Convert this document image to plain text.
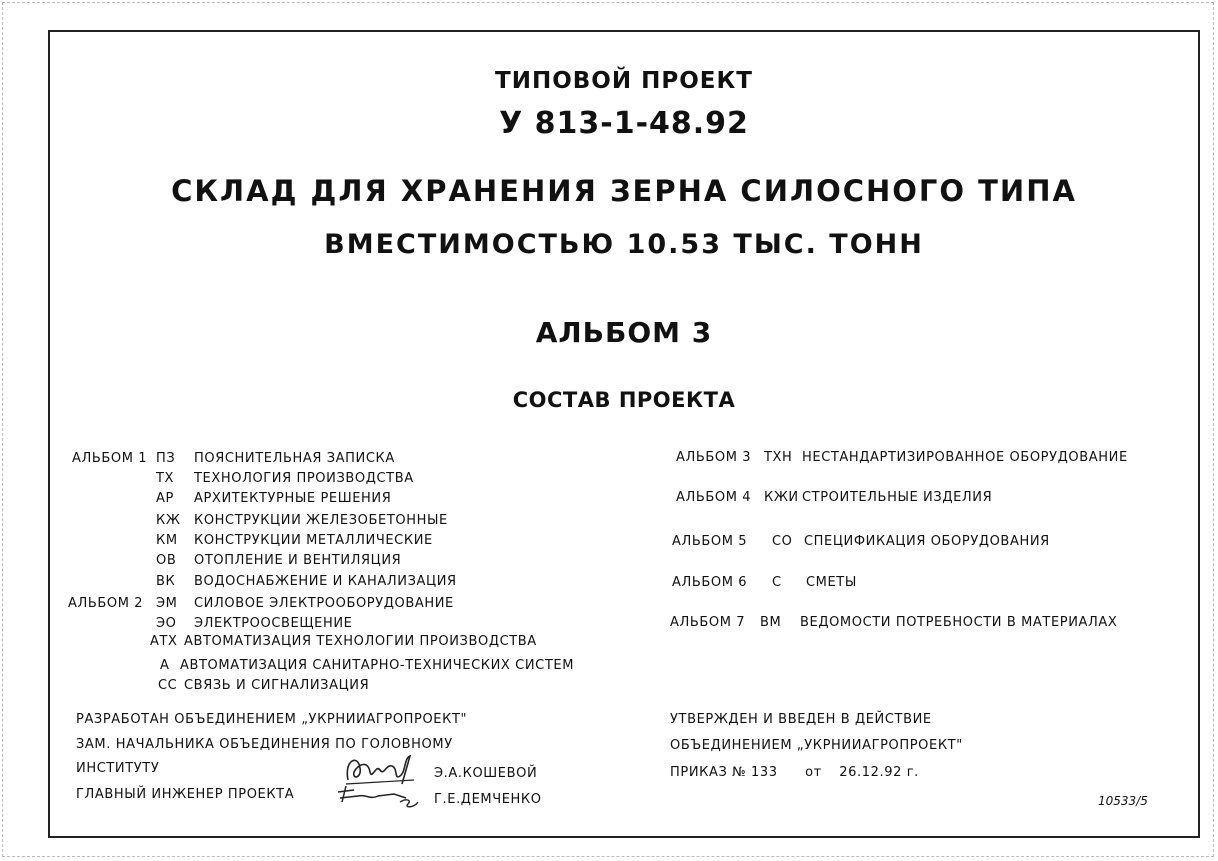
ТИПОВОЙ ПРОЕКТ
У 813-1-48.92
СКЛАД ДЛЯ ХРАНЕНИЯ ЗЕРНА СИЛОСНОГО ТИПА
ВМЕСТИМОСТЬЮ 10.53 ТЫС. ТОНН
АЛЬБОМ 3
СОСТАВ ПРОЕКТА
АЛЬБОМ 1 ПЗ ПОЯСНИТЕЛЬНАЯ ЗАПИСКА
ТХ ТЕХНОЛОГИЯ ПРОИЗВОДСТВА
АР АРХИТЕКТУРНЫЕ РЕШЕНИЯ
КЖ КОНСТРУКЦИИ ЖЕЛЕЗОБЕТОННЫЕ
КМ КОНСТРУКЦИИ МЕТАЛЛИЧЕСКИЕ
ОВ ОТОПЛЕНИЕ И ВЕНТИЛЯЦИЯ
ВК ВОДОСНАБЖЕНИЕ И КАНАЛИЗАЦИЯ
АЛЬБОМ 2 ЭМ СИЛОВОЕ ЭЛЕКТРООБОРУДОВАНИЕ
ЭО ЭЛЕКТРООСВЕЩЕНИЕ
АТХ АВТОМАТИЗАЦИЯ ТЕХНОЛОГИИ ПРОИЗВОДСТВА
А АВТОМАТИЗАЦИЯ САНИТАРНО-ТЕХНИЧЕСКИХ СИСТЕМ
СС СВЯЗЬ И СИГНАЛИЗАЦИЯ
АЛЬБОМ 3 ТХН НЕСТАНДАРТИЗИРОВАННОЕ ОБОРУДОВАНИЕ
АЛЬБОМ 4 КЖИ СТРОИТЕЛЬНЫЕ ИЗДЕЛИЯ
АЛЬБОМ 5 СО СПЕЦИФИКАЦИЯ ОБОРУДОВАНИЯ
АЛЬБОМ 6 С СМЕТЫ
АЛЬБОМ 7 ВМ ВЕДОМОСТИ ПОТРЕБНОСТИ В МАТЕРИАЛАХ
РАЗРАБОТАН ОБЪЕДИНЕНИЕМ „УКРНИИАГРОПРОЕКТ"
ЗАМ. НАЧАЛЬНИКА ОБЪЕДИНЕНИЯ ПО ГОЛОВНОМУ
ИНСТИТУТУ	Э.А.КОШЕВОЙ
ГЛАВНЫЙ ИНЖЕНЕР ПРОЕКТА	Г.Е.ДЕМЧЕНКО
УТВЕРЖДЕН И ВВЕДЕН В ДЕЙСТВИЕ
ОБЪЕДИНЕНИЕМ „УКРНИИАГРОПРОЕКТ"
ПРИКАЗ № 133 от 26.12.92 г.
10533/5
